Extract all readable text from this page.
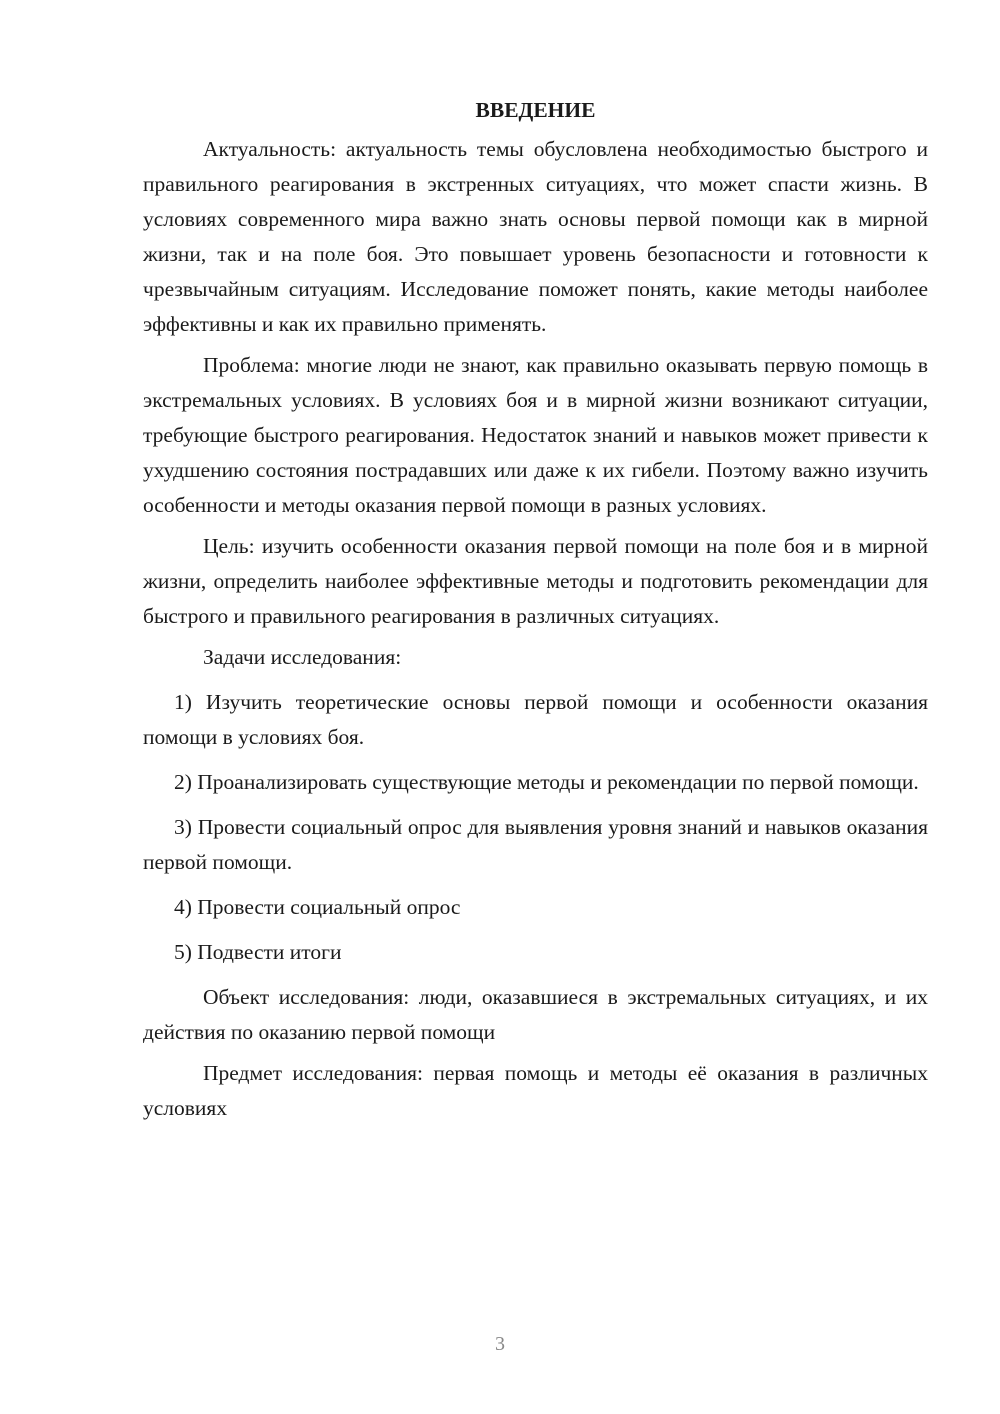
ВВЕДЕНИЕ

Актуальность: актуальность темы обусловлена необходимостью быстрого и правильного реагирования в экстренных ситуациях, что может спасти жизнь. В условиях современного мира важно знать основы первой помощи как в мирной жизни, так и на поле боя. Это повышает уровень безопасности и готовности к чрезвычайным ситуациям. Исследование поможет понять, какие методы наиболее эффективны и как их правильно применять.

Проблема: многие люди не знают, как правильно оказывать первую помощь в экстремальных условиях. В условиях боя и в мирной жизни возникают ситуации, требующие быстрого реагирования. Недостаток знаний и навыков может привести к ухудшению состояния пострадавших или даже к их гибели. Поэтому важно изучить особенности и методы оказания первой помощи в разных условиях.

Цель: изучить особенности оказания первой помощи на поле боя и в мирной жизни, определить наиболее эффективные методы и подготовить рекомендации для быстрого и правильного реагирования в различных ситуациях.

Задачи исследования:

1) Изучить теоретические основы первой помощи и особенности оказания помощи в условиях боя.

2) Проанализировать существующие методы и рекомендации по первой помощи.

3) Провести социальный опрос для выявления уровня знаний и навыков оказания первой помощи.

4) Провести социальный опрос

5) Подвести итоги

Объект исследования: люди, оказавшиеся в экстремальных ситуациях, и их действия по оказанию первой помощи

Предмет исследования: первая помощь и методы её оказания в различных условиях

3
